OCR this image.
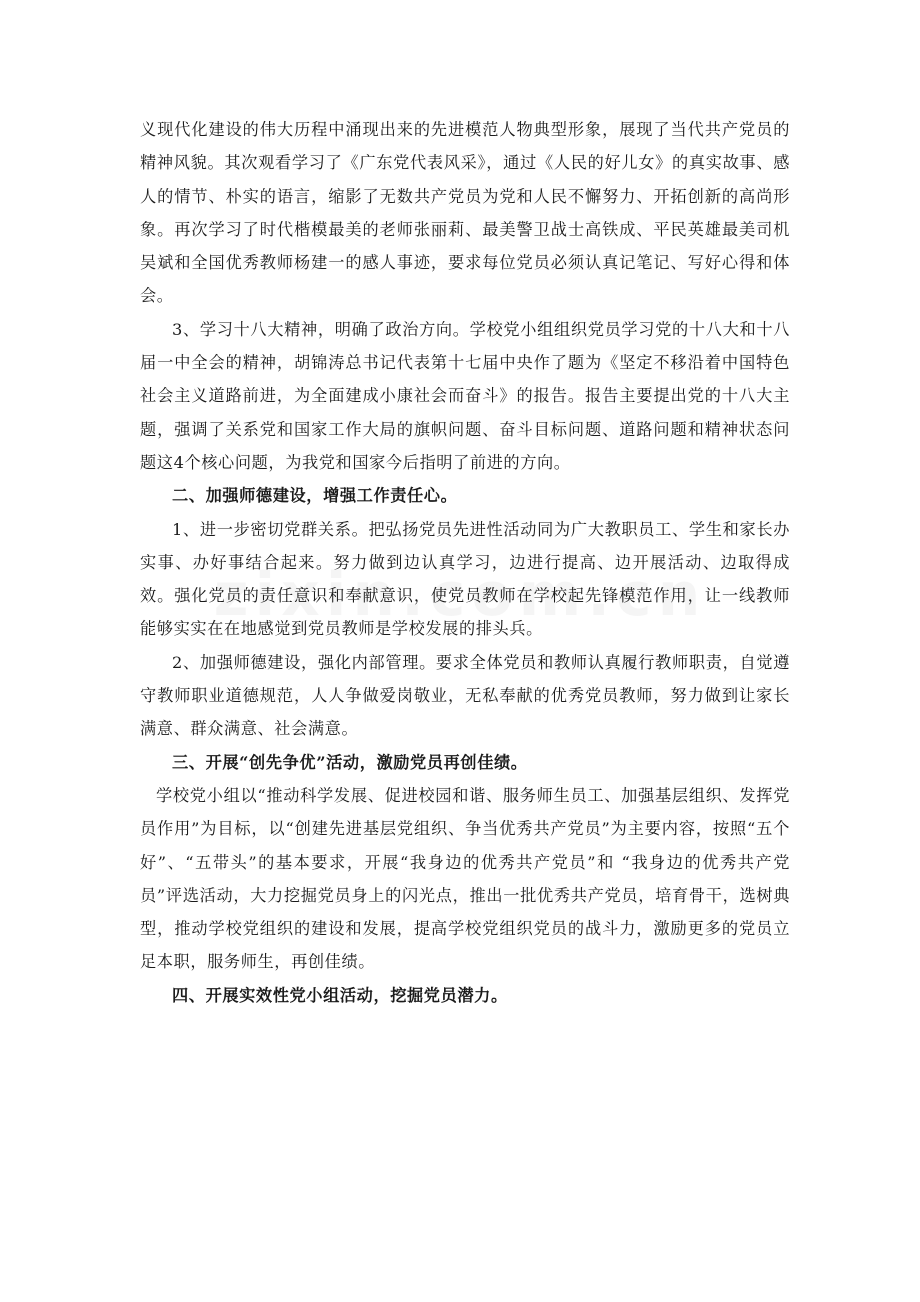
义现代化建设的伟大历程中涌现出来的先进模范人物典型形象，展现了当代共产党员的精神风貌。其次观看学习了《广东党代表风采》，通过《人民的好儿女》的真实故事、感人的情节、朴实的语言，缩影了无数共产党员为党和人民不懈努力、开拓创新的高尚形象。再次学习了时代楷模最美的老师张丽莉、最美警卫战士高铁成、平民英雄最美司机吴斌和全国优秀教师杨建一的感人事迹，要求每位党员必须认真记笔记、写好心得和体会。

3、学习十八大精神，明确了政治方向。学校党小组组织党员学习党的十八大和十八届一中全会的精神，胡锦涛总书记代表第十七届中央作了题为《坚定不移沿着中国特色社会主义道路前进，为全面建成小康社会而奋斗》的报告。报告主要提出党的十八大主题，强调了关系党和国家工作大局的旗帜问题、奋斗目标问题、道路问题和精神状态问题这4个核心问题，为我党和国家今后指明了前进的方向。

二、加强师德建设，增强工作责任心。

1、进一步密切党群关系。把弘扬党员先进性活动同为广大教职员工、学生和家长办实事、办好事结合起来。努力做到边认真学习，边进行提高、边开展活动、边取得成效。强化党员的责任意识和奉献意识，使党员教师在学校起先锋模范作用，让一线教师能够实实在在地感觉到党员教师是学校发展的排头兵。

2、加强师德建设，强化内部管理。要求全体党员和教师认真履行教师职责，自觉遵守教师职业道德规范，人人争做爱岗敬业，无私奉献的优秀党员教师，努力做到让家长满意、群众满意、社会满意。

三、开展“创先争优”活动，激励党员再创佳绩。

学校党小组以“推动科学发展、促进校园和谐、服务师生员工、加强基层组织、发挥党员作用”为目标，以“创建先进基层党组织、争当优秀共产党员”为主要内容，按照“五个好”、“五带头”的基本要求，开展“我身边的优秀共产党员”和 “我身边的优秀共产党员”评选活动，大力挖掘党员身上的闪光点，推出一批优秀共产党员，培育骨干，选树典型，推动学校党组织的建设和发展，提高学校党组织党员的战斗力，激励更多的党员立足本职，服务师生，再创佳绩。

四、开展实效性党小组活动，挖掘党员潜力。
